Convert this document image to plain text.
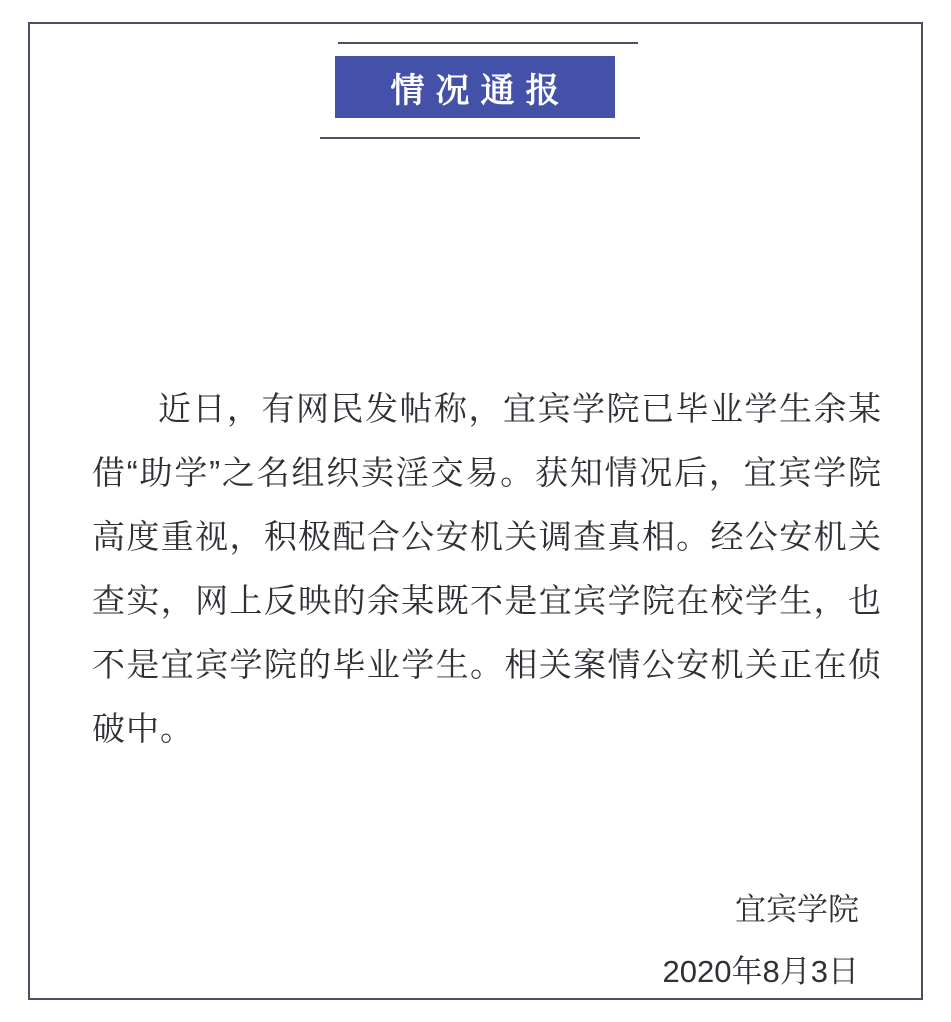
情况通报

近日，有网民发帖称，宜宾学院已毕业学生余某借“助学”之名组织卖淫交易。获知情况后，宜宾学院高度重视，积极配合公安机关调查真相。经公安机关查实，网上反映的余某既不是宜宾学院在校学生，也不是宜宾学院的毕业学生。相关案情公安机关正在侦破中。

宜宾学院
2020年8月3日
